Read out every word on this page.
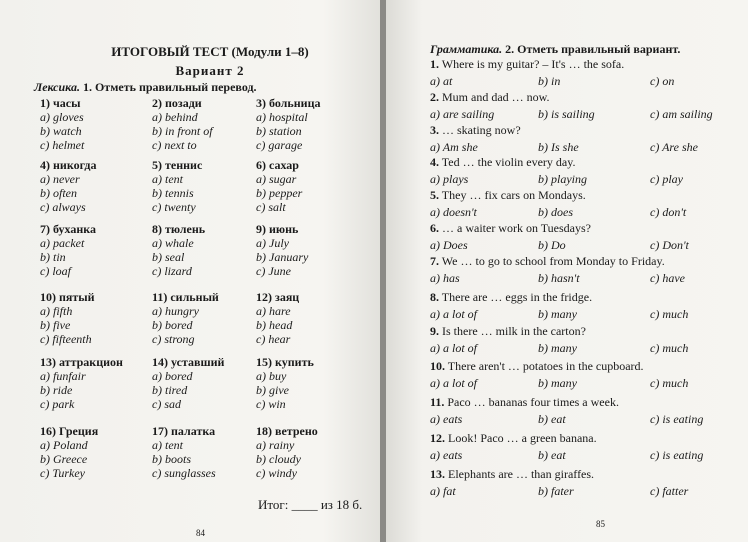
ИТОГОВЫЙ ТЕСТ (Модули 1–8)
Вариант 2
Лексика. 1. Отметь правильный перевод.
1) часы
a) gloves
b) watch
c) helmet
2) позади
a) behind
b) in front of
c) next to
3) больница
a) hospital
b) station
c) garage
4) никогда
a) never
b) often
c) always
5) теннис
a) tent
b) tennis
c) twenty
6) сахар
a) sugar
b) pepper
c) salt
7) буханка
a) packet
b) tin
c) loaf
8) тюлень
a) whale
b) seal
c) lizard
9) июнь
a) July
b) January
c) June
10) пятый
a) fifth
b) five
c) fifteenth
11) сильный
a) hungry
b) bored
c) strong
12) заяц
a) hare
b) head
c) hear
13) аттракцион
a) funfair
b) ride
c) park
14) уставший
a) bored
b) tired
c) sad
15) купить
a) buy
b) give
c) win
16) Греция
a) Poland
b) Greece
c) Turkey
17) палатка
a) tent
b) boots
c) sunglasses
18) ветрено
a) rainy
b) cloudy
c) windy
Итог: ____ из 18 б.
84
85
Грамматика. 2. Отметь правильный вариант.
1. Where is my guitar? – It's … the sofa.
a) at	b) in	c) on
2. Mum and dad … now.
a) are sailing	b) is sailing	c) am sailing
3. … skating now?
a) Am she	b) Is she	c) Are she
4. Ted … the violin every day.
a) plays	b) playing	c) play
5. They … fix cars on Mondays.
a) doesn't	b) does	c) don't
6. … a waiter work on Tuesdays?
a) Does	b) Do	c) Don't
7. We … to go to school from Monday to Friday.
a) has	b) hasn't	c) have
8. There are … eggs in the fridge.
a) a lot of	b) many	c) much
9. Is there … milk in the carton?
a) a lot of	b) many	c) much
10. There aren't … potatoes in the cupboard.
a) a lot of	b) many	c) much
11. Paco … bananas four times a week.
a) eats	b) eat	c) is eating
12. Look! Paco … a green banana.
a) eats	b) eat	c) is eating
13. Elephants are … than giraffes.
a) fat	b) fater	c) fatter
